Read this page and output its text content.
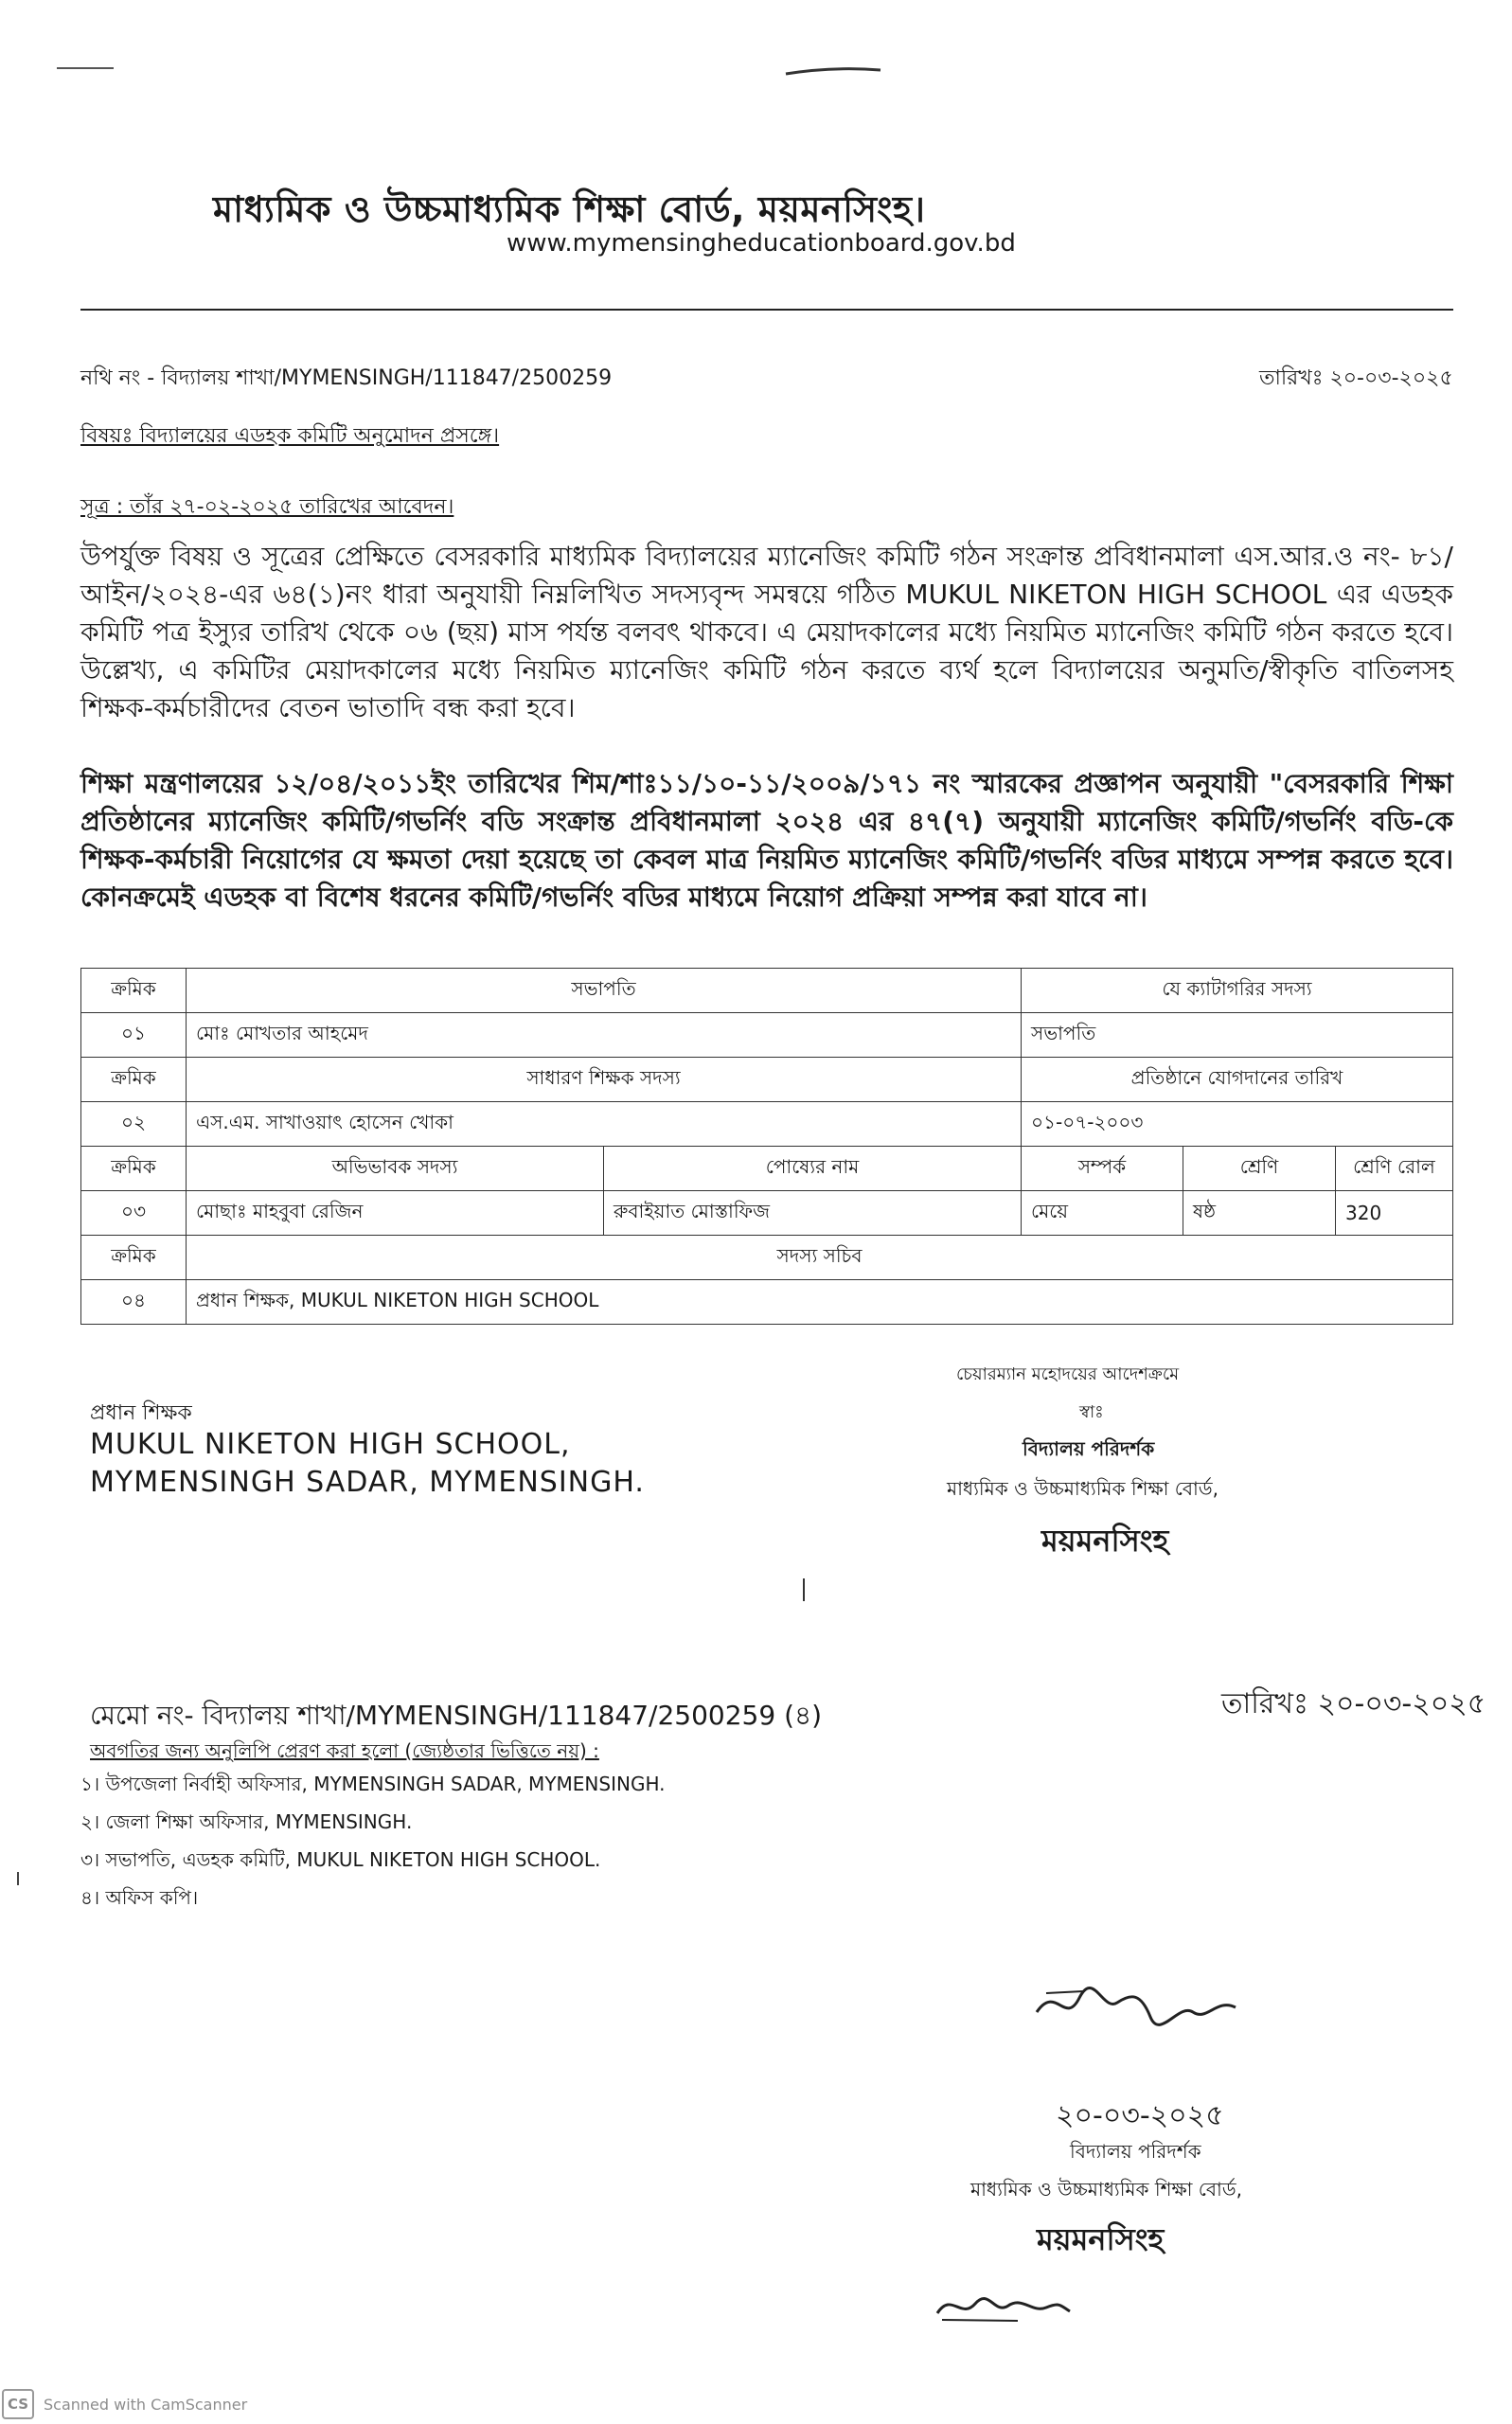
মাধ্যমিক ও উচ্চমাধ্যমিক শিক্ষা বোর্ড, ময়মনসিংহ।
www.mymensingheducationboard.gov.bd
নথি নং - বিদ্যালয় শাখা/MYMENSINGH/111847/2500259	তারিখঃ ২০-০৩-২০২৫
বিষয়ঃ বিদ্যালয়ের এডহক কমিটি অনুমোদন প্রসঙ্গে।
সূত্র : তাঁর ২৭-০২-২০২৫ তারিখের আবেদন।
উপর্যুক্ত বিষয় ও সূত্রের প্রেক্ষিতে বেসরকারি মাধ্যমিক বিদ্যালয়ের ম্যানেজিং কমিটি গঠন সংক্রান্ত প্রবিধানমালা এস.আর.ও নং- ৮১/আইন/২০২৪-এর ৬৪(১)নং ধারা অনুযায়ী নিম্নলিখিত সদস্যবৃন্দ সমন্বয়ে গঠিত MUKUL NIKETON HIGH SCHOOL এর এডহক কমিটি পত্র ইস্যুর তারিখ থেকে ০৬ (ছয়) মাস পর্যন্ত বলবৎ থাকবে। এ মেয়াদকালের মধ্যে নিয়মিত ম্যানেজিং কমিটি গঠন করতে হবে। উল্লেখ্য, এ কমিটির মেয়াদকালের মধ্যে নিয়মিত ম্যানেজিং কমিটি গঠন করতে ব্যর্থ হলে বিদ্যালয়ের অনুমতি/স্বীকৃতি বাতিলসহ শিক্ষক-কর্মচারীদের বেতন ভাতাদি বন্ধ করা হবে।
শিক্ষা মন্ত্রণালয়ের ১২/০৪/২০১১ইং তারিখের শিম/শাঃ১১/১০-১১/২০০৯/১৭১ নং স্মারকের প্রজ্ঞাপন অনুযায়ী "বেসরকারি শিক্ষা প্রতিষ্ঠানের ম্যানেজিং কমিটি/গভর্নিং বডি সংক্রান্ত প্রবিধানমালা ২০২৪ এর ৪৭(৭) অনুযায়ী ম্যানেজিং কমিটি/গভর্নিং বডি-কে শিক্ষক-কর্মচারী নিয়োগের যে ক্ষমতা দেয়া হয়েছে তা কেবল মাত্র নিয়মিত ম্যানেজিং কমিটি/গভর্নিং বডির মাধ্যমে সম্পন্ন করতে হবে। কোনক্রমেই এডহক বা বিশেষ ধরনের কমিটি/গভর্নিং বডির মাধ্যমে নিয়োগ প্রক্রিয়া সম্পন্ন করা যাবে না।
ক্রমিক	সভাপতি		যে ক্যাটাগরির সদস্য		
০১	মোঃ মোখতার আহমেদ		সভাপতি		
ক্রমিক	সাধারণ শিক্ষক সদস্য		প্রতিষ্ঠানে যোগদানের তারিখ		
০২	এস.এম. সাখাওয়াৎ হোসেন খোকা		০১-০৭-২০০৩		
ক্রমিক	অভিভাবক সদস্য	পোষ্যের নাম	সম্পর্ক	শ্রেণি	শ্রেণি রোল
০৩	মোছাঃ মাহবুবা রেজিন	রুবাইয়াত মোস্তাফিজ	মেয়ে	ষষ্ঠ	320
ক্রমিক	সদস্য সচিব				
০৪	প্রধান শিক্ষক, MUKUL NIKETON HIGH SCHOOL				
প্রধান শিক্ষক
MUKUL NIKETON HIGH SCHOOL,
MYMENSINGH SADAR, MYMENSINGH.
চেয়ারম্যান মহোদয়ের আদেশক্রমে
স্বাঃ
বিদ্যালয় পরিদর্শক
মাধ্যমিক ও উচ্চমাধ্যমিক শিক্ষা বোর্ড,
ময়মনসিংহ
মেমো নং- বিদ্যালয় শাখা/MYMENSINGH/111847/2500259 (৪)	তারিখঃ ২০-০৩-২০২৫
অবগতির জন্য অনুলিপি প্রেরণ করা হলো (জ্যেষ্ঠতার ভিত্তিতে নয়) :
১। উপজেলা নির্বাহী অফিসার, MYMENSINGH SADAR, MYMENSINGH.
২। জেলা শিক্ষা অফিসার, MYMENSINGH.
৩। সভাপতি, এডহক কমিটি, MUKUL NIKETON HIGH SCHOOL.
৪। অফিস কপি।
২০-০৩-২০২৫
বিদ্যালয় পরিদর্শক
মাধ্যমিক ও উচ্চমাধ্যমিক শিক্ষা বোর্ড,
ময়মনসিংহ
CS Scanned with CamScanner
